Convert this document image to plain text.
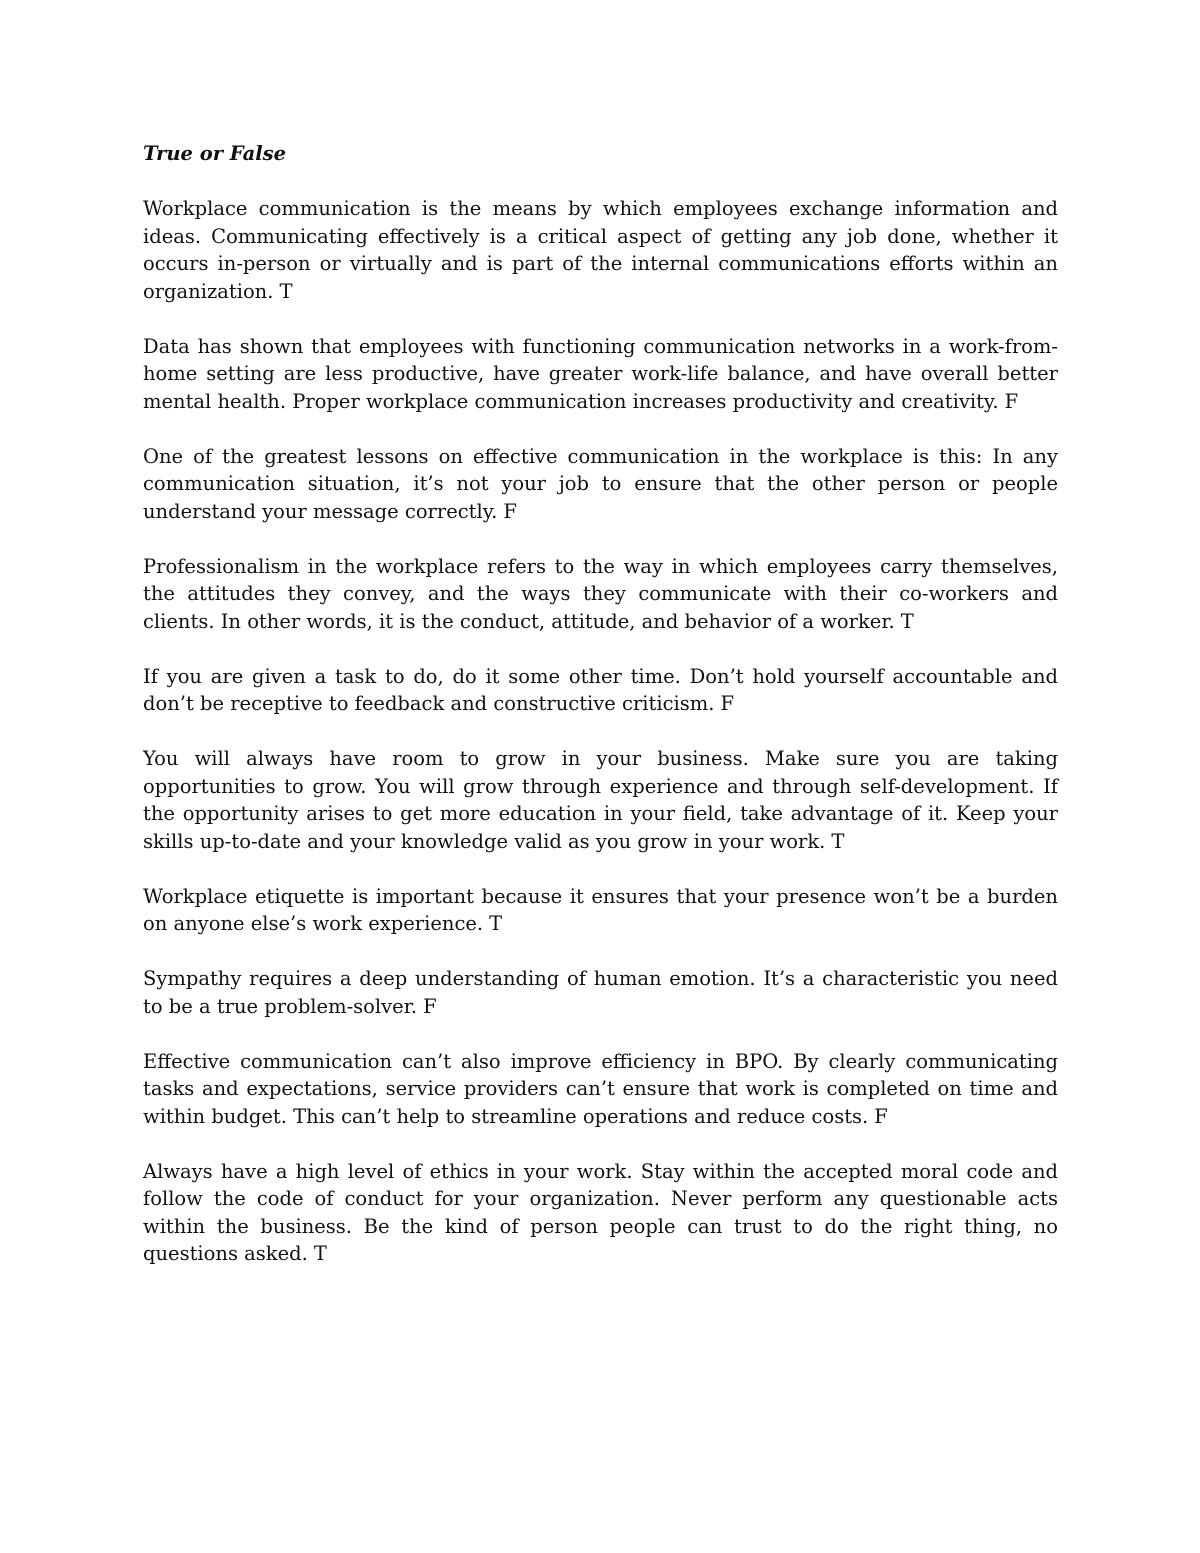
True or False

Workplace communication is the means by which employees exchange information and ideas. Communicating effectively is a critical aspect of getting any job done, whether it occurs in-person or virtually and is part of the internal communications efforts within an organization. T

Data has shown that employees with functioning communication networks in a work-from-home setting are less productive, have greater work-life balance, and have overall better mental health. Proper workplace communication increases productivity and creativity. F

One of the greatest lessons on effective communication in the workplace is this: In any communication situation, it’s not your job to ensure that the other person or people understand your message correctly. F

Professionalism in the workplace refers to the way in which employees carry themselves, the attitudes they convey, and the ways they communicate with their co-workers and clients. In other words, it is the conduct, attitude, and behavior of a worker. T

If you are given a task to do, do it some other time. Don’t hold yourself accountable and don’t be receptive to feedback and constructive criticism. F

You will always have room to grow in your business. Make sure you are taking opportunities to grow. You will grow through experience and through self-development. If the opportunity arises to get more education in your field, take advantage of it. Keep your skills up-to-date and your knowledge valid as you grow in your work. T

Workplace etiquette is important because it ensures that your presence won’t be a burden on anyone else’s work experience. T

Sympathy requires a deep understanding of human emotion. It’s a characteristic you need to be a true problem-solver. F

Effective communication can’t also improve efficiency in BPO. By clearly communicating tasks and expectations, service providers can’t ensure that work is completed on time and within budget. This can’t help to streamline operations and reduce costs. F

Always have a high level of ethics in your work. Stay within the accepted moral code and follow the code of conduct for your organization. Never perform any questionable acts within the business. Be the kind of person people can trust to do the right thing, no questions asked. T
